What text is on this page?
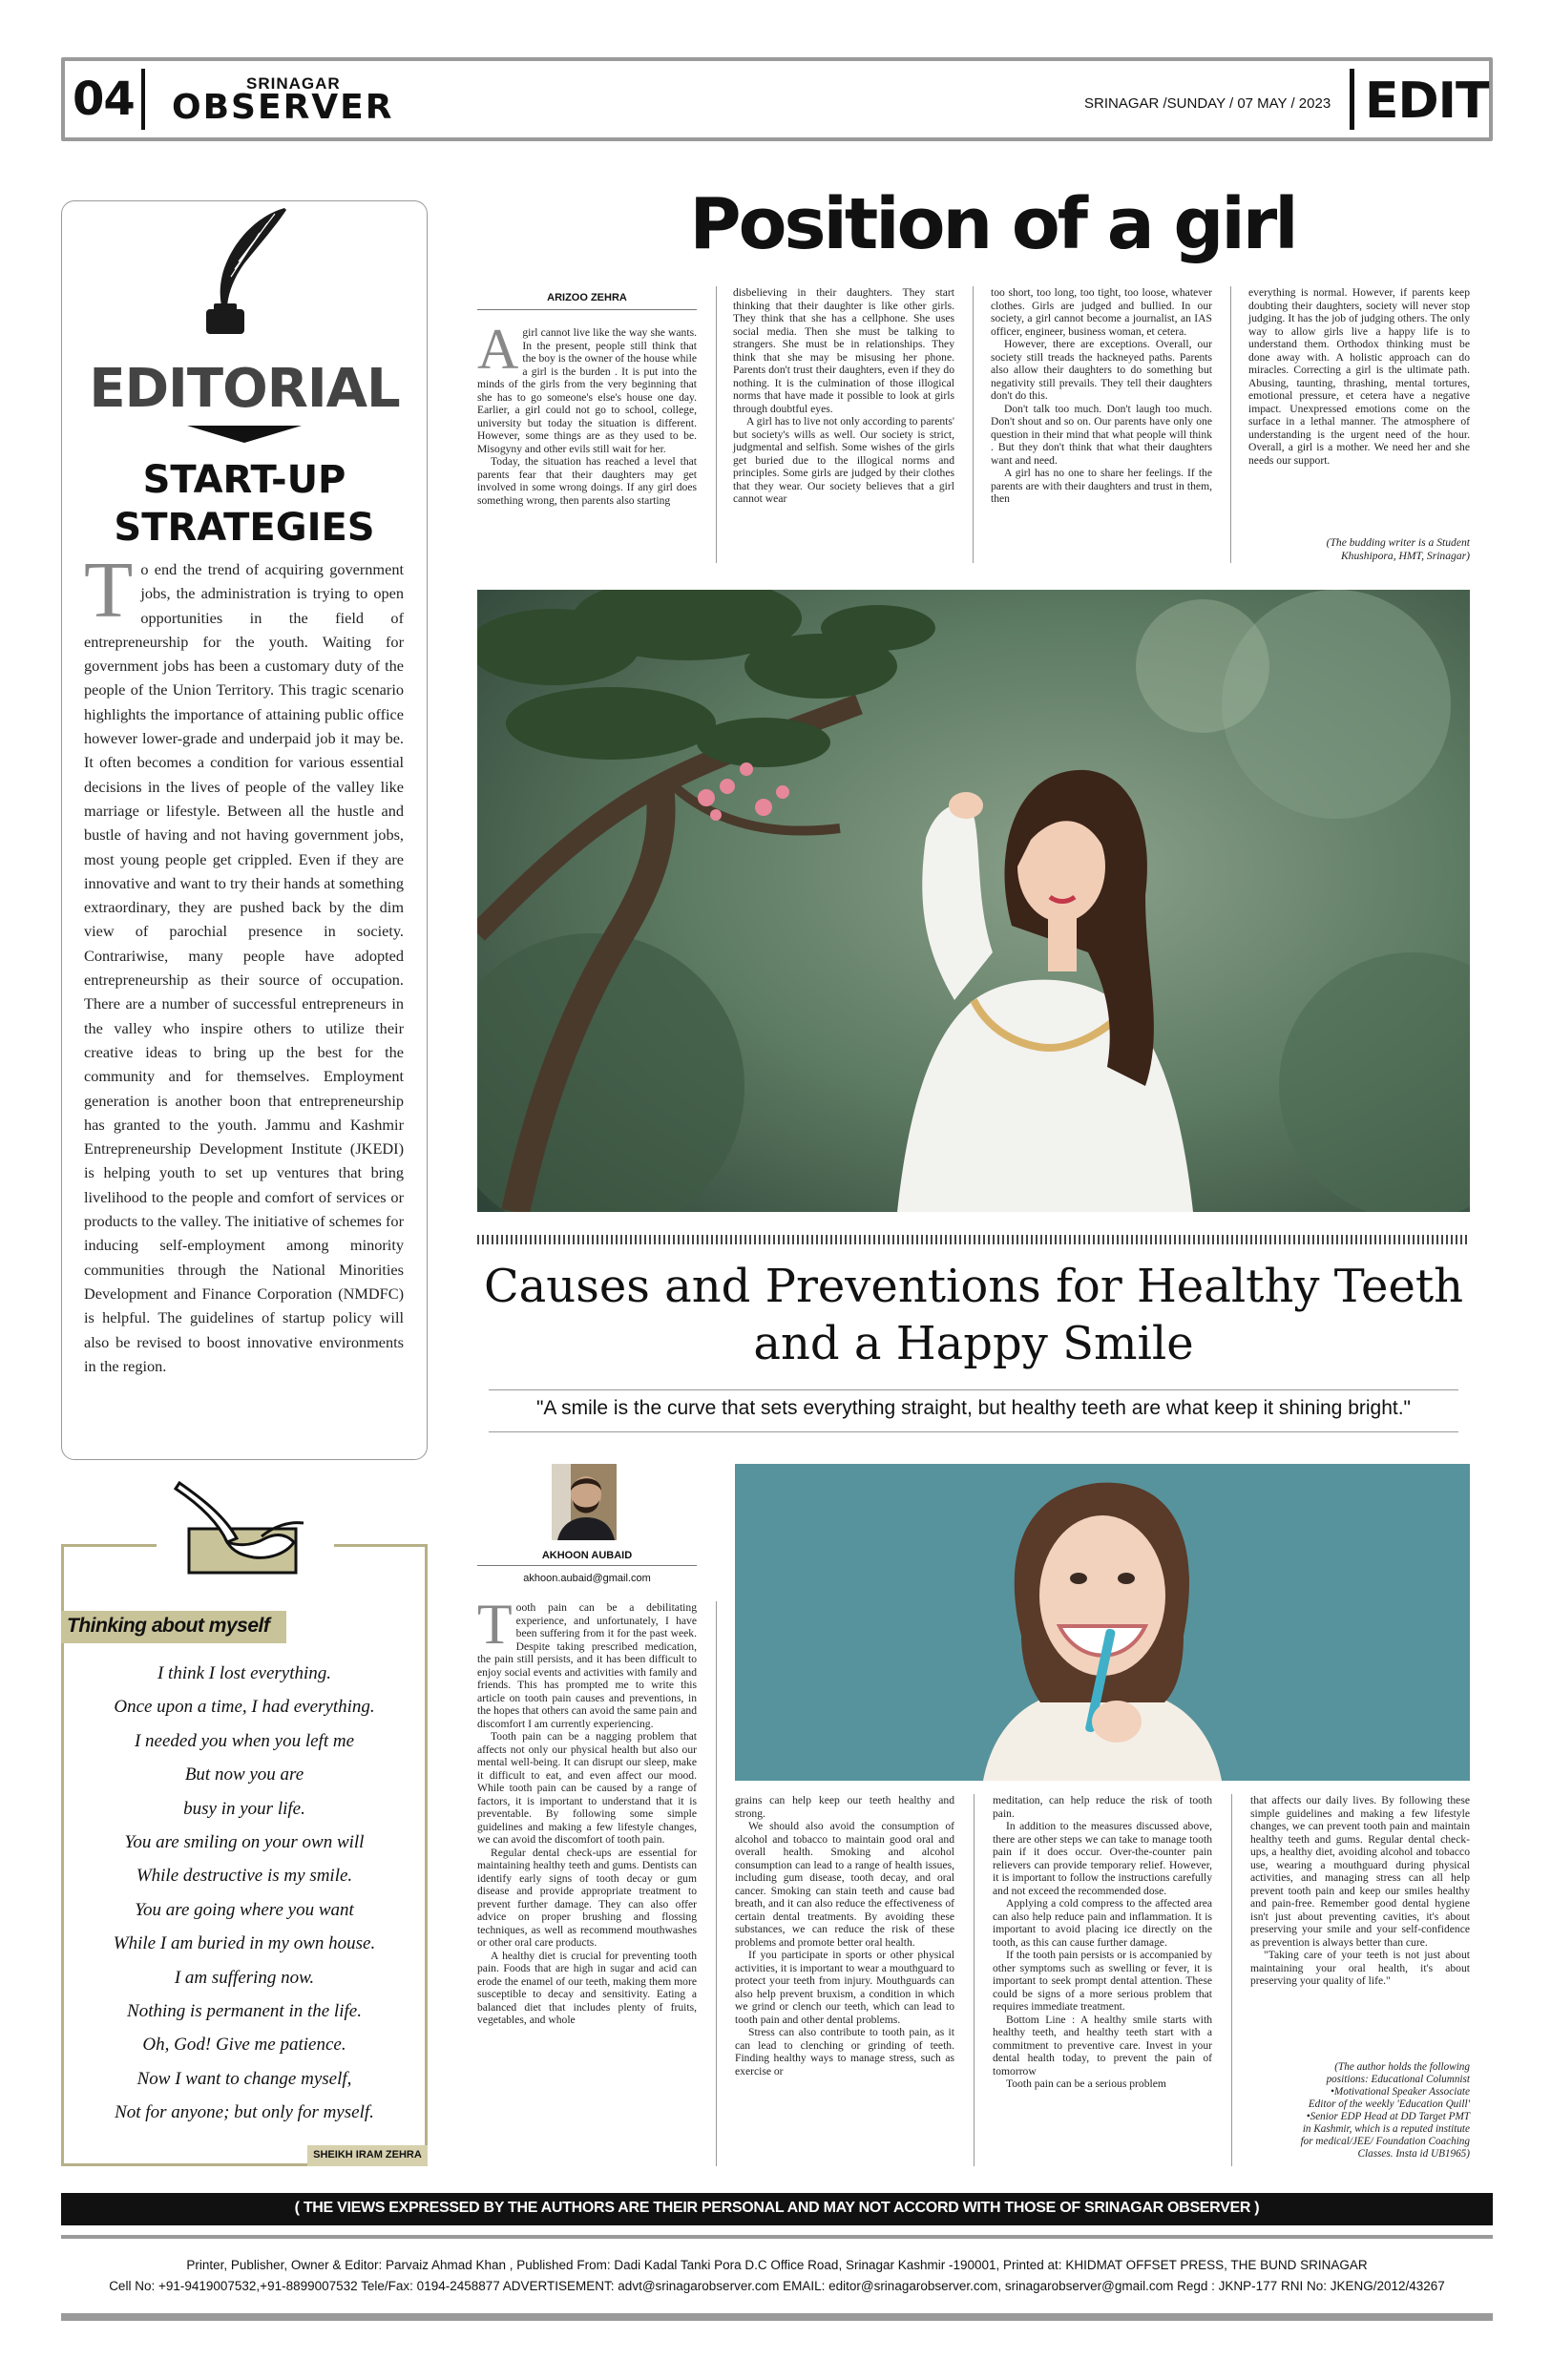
04	SRINAGAR
OBSERVER	SRINAGAR /SUNDAY / 07 MAY / 2023 EDIT
EDITORIAL
START-UP
STRATEGIES
To end the trend of acquiring government jobs, the administration is trying to open opportunities in the field of entrepreneurship for the youth. Waiting for government jobs has been a customary duty of the people of the Union Territory. This tragic scenario highlights the importance of attaining public office however lower-grade and underpaid job it may be. It often becomes a condition for various essential decisions in the lives of people of the valley like marriage or lifestyle. Between all the hustle and bustle of having and not having government jobs, most young people get crippled. Even if they are innovative and want to try their hands at something extraordinary, they are pushed back by the dim view of parochial presence in society. Contrariwise, many people have adopted entrepreneurship as their source of occupation. There are a number of successful entrepreneurs in the valley who inspire others to utilize their creative ideas to bring up the best for the community and for themselves. Employment generation is another boon that entrepreneurship has granted to the youth. Jammu and Kashmir Entrepreneurship Development Institute (JKEDI) is helping youth to set up ventures that bring livelihood to the people and comfort of services or products to the valley. The initiative of schemes for inducing self-employment among minority communities through the National Minorities Development and Finance Corporation (NMDFC) is helpful. The guidelines of startup policy will also be revised to boost innovative environments in the region.
Thinking about myself
I think I lost everything.
Once upon a time, I had everything.
I needed you when you left me
But now you are
busy in your life.
You are smiling on your own will
While destructive is my smile.
You are going where you want
While I am buried in my own house.
I am suffering now.
Nothing is permanent in the life.
Oh, God! Give me patience.
Now I want to change myself,
Not for anyone; but only for myself.
SHEIKH IRAM ZEHRA
Position of a girl
ARIZOO ZEHRA

Agirl cannot live like the way she wants. In the present, people still think that the boy is the owner of the house while a girl is the burden . It is put into the minds of the girls from the very beginning that she has to go someone's else's house one day. Earlier, a girl could not go to school, college, university but today the situation is different. However, some things are as they used to be. Misogyny and other evils still wait for her.

Today, the situation has reached a level that parents fear that their daughters may get involved in some wrong doings. If any girl does something wrong, then parents also starting

disbelieving in their daughters. They start thinking that their daughter is like other girls. They think that she has a cellphone. She uses social media. Then she must be talking to strangers. She must be in relationships. They think that she may be misusing her phone. Parents don't trust their daughters, even if they do nothing. It is the culmination of those illogical norms that have made it possible to look at girls through doubtful eyes.

A girl has to live not only according to parents' but society's wills as well. Our society is strict, judgmental and selfish. Some wishes of the girls get buried due to the illogical norms and principles. Some girls are judged by their clothes that they wear. Our society believes that a girl cannot wear

too short, too long, too tight, too loose, whatever clothes. Girls are judged and bullied. In our society, a girl cannot become a journalist, an IAS officer, engineer, business woman, et cetera.

However, there are exceptions. Overall, our society still treads the hackneyed paths. Parents also allow their daughters to do something but negativity still prevails. They tell their daughters don't do this.

Don't talk too much. Don't laugh too much. Don't shout and so on. Our parents have only one question in their mind that what people will think . But they don't think that what their daughters want and need.

A girl has no one to share her feelings. If the parents are with their daughters and trust in them, then

everything is normal. However, if parents keep doubting their daughters, society will never stop judging. It has the job of judging others. The only way to allow girls live a happy life is to understand them. Orthodox thinking must be done away with. A holistic approach can do miracles. Correcting a girl is the ultimate path. Abusing, taunting, thrashing, mental tortures, emotional pressure, et cetera have a negative impact. Unexpressed emotions come on the surface in a lethal manner. The atmosphere of understanding is the urgent need of the hour. Overall, a girl is a mother. We need her and she needs our support.

(The budding writer is a Student
Khushipora, HMT, Srinagar)
Causes and Preventions for Healthy Teeth
and a Happy Smile
"A smile is the curve that sets everything straight, but healthy teeth are what keep it shining bright."
AKHOON AUBAID
akhoon.aubaid@gmail.com

Tooth pain can be a debilitating experience, and unfortunately, I have been suffering from it for the past week. Despite taking prescribed medication, the pain still persists, and it has been difficult to enjoy social events and activities with family and friends. This has prompted me to write this article on tooth pain causes and preventions, in the hopes that others can avoid the same pain and discomfort I am currently experiencing.

Tooth pain can be a nagging problem that affects not only our physical health but also our mental well-being. It can disrupt our sleep, make it difficult to eat, and even affect our mood. While tooth pain can be caused by a range of factors, it is important to understand that it is preventable. By following some simple guidelines and making a few lifestyle changes, we can avoid the discomfort of tooth pain.

Regular dental check-ups are essential for maintaining healthy teeth and gums. Dentists can identify early signs of tooth decay or gum disease and provide appropriate treatment to prevent further damage. They can also offer advice on proper brushing and flossing techniques, as well as recommend mouthwashes or other oral care products.

A healthy diet is crucial for preventing tooth pain. Foods that are high in sugar and acid can erode the enamel of our teeth, making them more susceptible to decay and sensitivity. Eating a balanced diet that includes plenty of fruits, vegetables, and whole

grains can help keep our teeth healthy and strong.

We should also avoid the consumption of alcohol and tobacco to maintain good oral and overall health. Smoking and alcohol consumption can lead to a range of health issues, including gum disease, tooth decay, and oral cancer. Smoking can stain teeth and cause bad breath, and it can also reduce the effectiveness of certain dental treatments. By avoiding these substances, we can reduce the risk of these problems and promote better oral health.

If you participate in sports or other physical activities, it is important to wear a mouthguard to protect your teeth from injury. Mouthguards can also help prevent bruxism, a condition in which we grind or clench our teeth, which can lead to tooth pain and other dental problems.

Stress can also contribute to tooth pain, as it can lead to clenching or grinding of teeth. Finding healthy ways to manage stress, such as exercise or

meditation, can help reduce the risk of tooth pain.

In addition to the measures discussed above, there are other steps we can take to manage tooth pain if it does occur. Over-the-counter pain relievers can provide temporary relief. However, it is important to follow the instructions carefully and not exceed the recommended dose.

Applying a cold compress to the affected area can also help reduce pain and inflammation. It is important to avoid placing ice directly on the tooth, as this can cause further damage.

If the tooth pain persists or is accompanied by other symptoms such as swelling or fever, it is important to seek prompt dental attention. These could be signs of a more serious problem that requires immediate treatment.

Bottom Line : A healthy smile starts with healthy teeth, and healthy teeth start with a commitment to preventive care. Invest in your dental health today, to prevent the pain of tomorrow

Tooth pain can be a serious problem

that affects our daily lives. By following these simple guidelines and making a few lifestyle changes, we can prevent tooth pain and maintain healthy teeth and gums. Regular dental check-ups, a healthy diet, avoiding alcohol and tobacco use, wearing a mouthguard during physical activities, and managing stress can all help prevent tooth pain and keep our smiles healthy and pain-free. Remember good dental hygiene isn't just about preventing cavities, it's about preserving your smile and your self-confidence as prevention is always better than cure.

"Taking care of your teeth is not just about maintaining your oral health, it's about preserving your quality of life."

(The author holds the following
positions: Educational Columnist
•Motivational Speaker Associate
Editor of the weekly 'Education Quill'
•Senior EDP Head at DD Target PMT
in Kashmir, which is a reputed institute
for medical/JEE/ Foundation Coaching
Classes. Insta id UB1965)
( THE VIEWS EXPRESSED BY THE AUTHORS ARE THEIR PERSONAL AND MAY NOT ACCORD WITH THOSE OF SRINAGAR OBSERVER )
Printer, Publisher, Owner & Editor: Parvaiz Ahmad Khan , Published From: Dadi Kadal Tanki Pora D.C Office Road, Srinagar Kashmir -190001, Printed at: KHIDMAT OFFSET PRESS, THE BUND SRINAGAR
Cell No: +91-9419007532,+91-8899007532 Tele/Fax: 0194-2458877 ADVERTISEMENT: advt@srinagarobserver.com EMAIL: editor@srinagarobserver.com, srinagarobserver@gmail.com Regd : JKNP-177 RNI No: JKENG/2012/43267
